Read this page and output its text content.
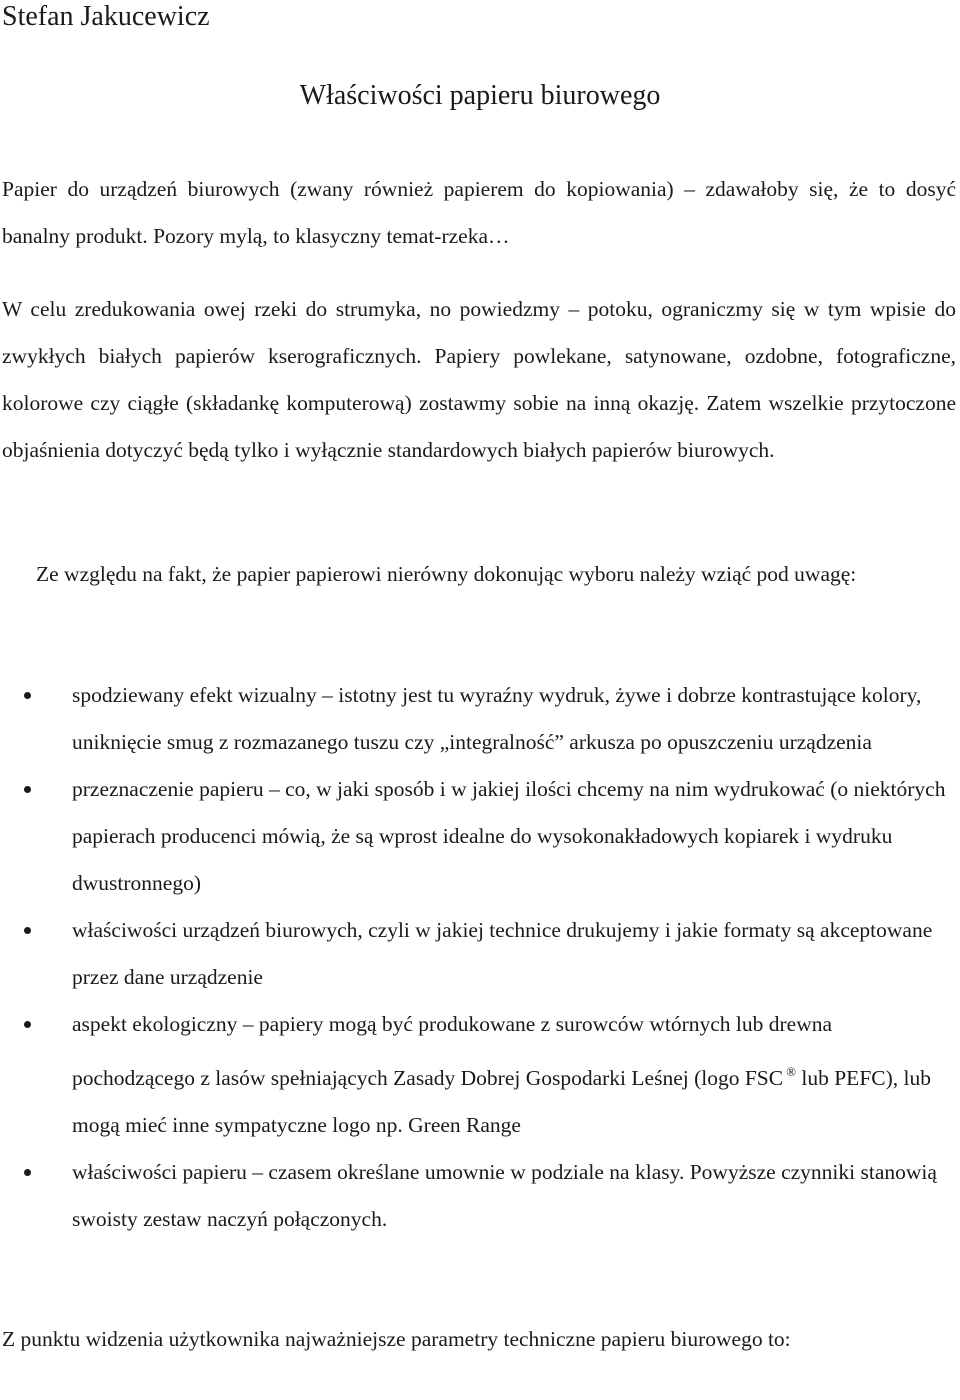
Stefan Jakucewicz
Właściwości papieru biurowego

Papier do urządzeń biurowych (zwany również papierem do kopiowania) – zdawałoby się, że to dosyć banalny produkt. Pozory mylą, to klasyczny temat-rzeka…

W celu zredukowania owej rzeki do strumyka, no powiedzmy – potoku, ograniczmy się w tym wpisie do zwykłych białych papierów kserograficznych. Papiery powlekane, satynowane, ozdobne, fotograficzne, kolorowe czy ciągłe (składankę komputerową) zostawmy sobie na inną okazję. Zatem wszelkie przytoczone objaśnienia dotyczyć będą tylko i wyłącznie standardowych białych papierów biurowych.

Ze względu na fakt, że papier papierowi nierówny dokonując wyboru należy wziąć pod uwagę:

spodziewany efekt wizualny – istotny jest tu wyraźny wydruk, żywe i dobrze kontrastujące kolory, uniknięcie smug z rozmazanego tuszu czy „integralność” arkusza po opuszczeniu urządzenia
przeznaczenie papieru – co, w jaki sposób i w jakiej ilości chcemy na nim wydrukować (o niektórych papierach producenci mówią, że są wprost idealne do wysokonakładowych kopiarek i wydruku dwustronnego)
właściwości urządzeń biurowych, czyli w jakiej technice drukujemy i jakie formaty są akceptowane przez dane urządzenie
aspekt ekologiczny – papiery mogą być produkowane z surowców wtórnych lub drewna pochodzącego z lasów spełniających Zasady Dobrej Gospodarki Leśnej (logo FSC ® lub PEFC), lub mogą mieć inne sympatyczne logo np. Green Range
właściwości papieru – czasem określane umownie w podziale na klasy. Powyższe czynniki stanowią swoisty zestaw naczyń połączonych.

Z punktu widzenia użytkownika najważniejsze parametry techniczne papieru biurowego to:
